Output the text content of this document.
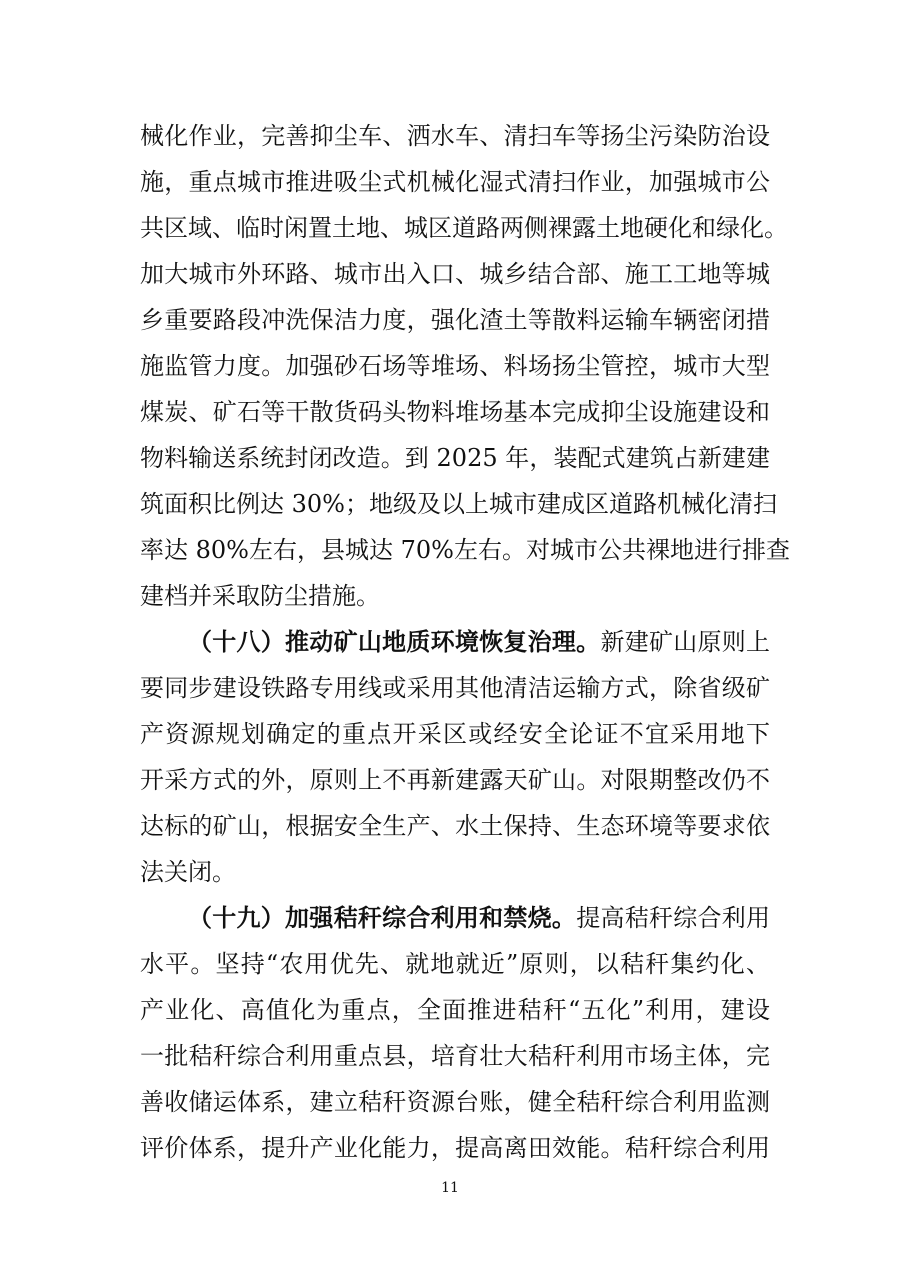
械化作业，完善抑尘车、洒水车、清扫车等扬尘污染防治设
施，重点城市推进吸尘式机械化湿式清扫作业，加强城市公
共区域、临时闲置土地、城区道路两侧裸露土地硬化和绿化。
加大城市外环路、城市出入口、城乡结合部、施工工地等城
乡重要路段冲洗保洁力度，强化渣土等散料运输车辆密闭措
施监管力度。加强砂石场等堆场、料场扬尘管控，城市大型
煤炭、矿石等干散货码头物料堆场基本完成抑尘设施建设和
物料输送系统封闭改造。到 2025 年，装配式建筑占新建建
筑面积比例达 30%；地级及以上城市建成区道路机械化清扫
率达 80%左右，县城达 70%左右。对城市公共裸地进行排查
建档并采取防尘措施。
（十八）推动矿山地质环境恢复治理。新建矿山原则上
要同步建设铁路专用线或采用其他清洁运输方式，除省级矿
产资源规划确定的重点开采区或经安全论证不宜采用地下
开采方式的外，原则上不再新建露天矿山。对限期整改仍不
达标的矿山，根据安全生产、水土保持、生态环境等要求依
法关闭。
（十九）加强秸秆综合利用和禁烧。提高秸秆综合利用
水平。坚持“农用优先、就地就近”原则，以秸秆集约化、
产业化、高值化为重点，全面推进秸秆“五化”利用，建设
一批秸秆综合利用重点县，培育壮大秸秆利用市场主体，完
善收储运体系，建立秸秆资源台账，健全秸秆综合利用监测
评价体系，提升产业化能力，提高离田效能。秸秆综合利用
11
